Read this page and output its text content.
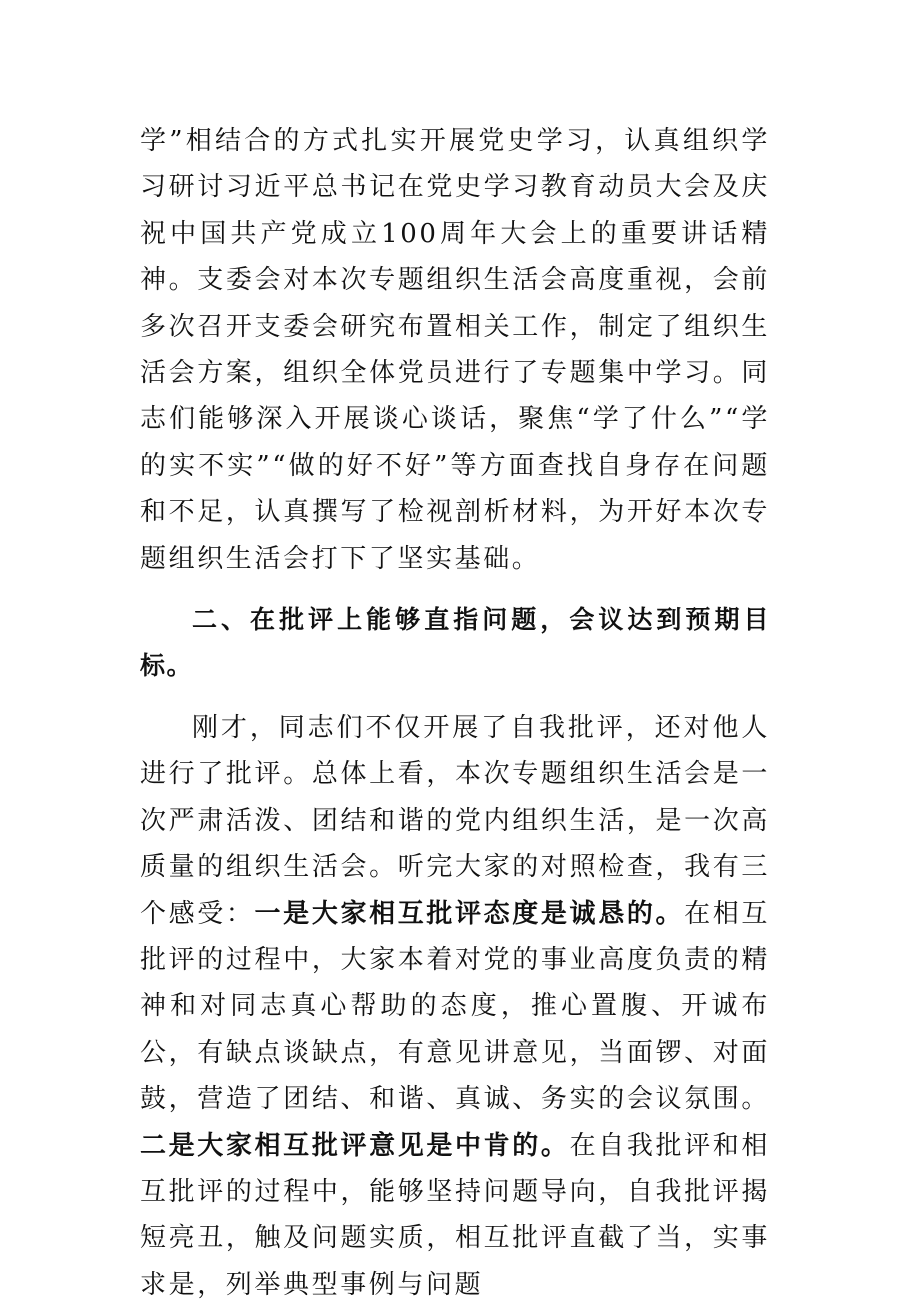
学”相结合的方式扎实开展党史学习，认真组织学习研讨习近平总书记在党史学习教育动员大会及庆祝中国共产党成立100周年大会上的重要讲话精神。支委会对本次专题组织生活会高度重视，会前多次召开支委会研究布置相关工作，制定了组织生活会方案，组织全体党员进行了专题集中学习。同志们能够深入开展谈心谈话，聚焦“学了什么”“学的实不实”“做的好不好”等方面查找自身存在问题和不足，认真撰写了检视剖析材料，为开好本次专题组织生活会打下了坚实基础。

二、在批评上能够直指问题，会议达到预期目标。

刚才，同志们不仅开展了自我批评，还对他人进行了批评。总体上看，本次专题组织生活会是一次严肃活泼、团结和谐的党内组织生活，是一次高质量的组织生活会。听完大家的对照检查，我有三个感受：一是大家相互批评态度是诚恳的。在相互批评的过程中，大家本着对党的事业高度负责的精神和对同志真心帮助的态度，推心置腹、开诚布公，有缺点谈缺点，有意见讲意见，当面锣、对面鼓，营造了团结、和谐、真诚、务实的会议氛围。二是大家相互批评意见是中肯的。在自我批评和相互批评的过程中，能够坚持问题导向，自我批评揭短亮丑，触及问题实质，相互批评直截了当，实事求是，列举典型事例与问题
